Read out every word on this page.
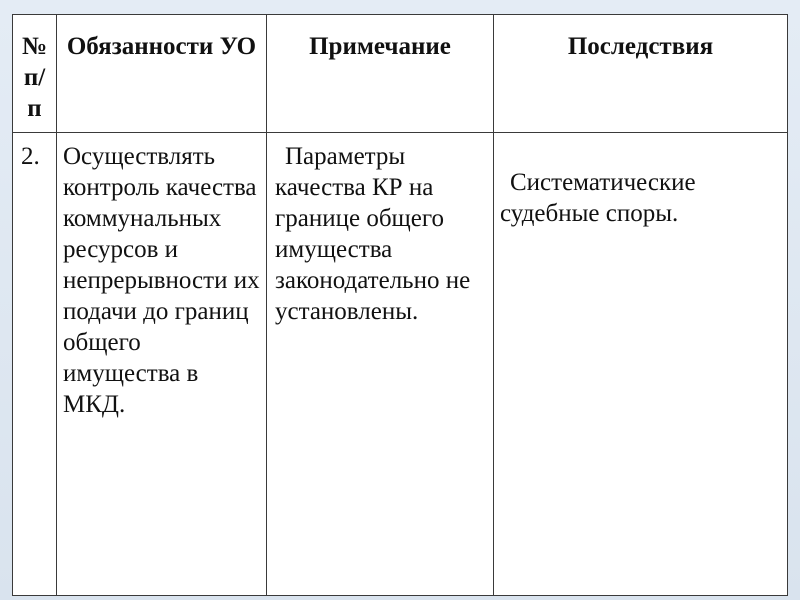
№ п/п	Обязанности УО	Примечание	Последствия

2.	Осуществлять контроль качества коммунальных ресурсов и непрерывности их подачи до границ общего имущества в МКД.	Параметры качества КР на границе общего имущества законодательно не установлены.	Систематические судебные споры.
